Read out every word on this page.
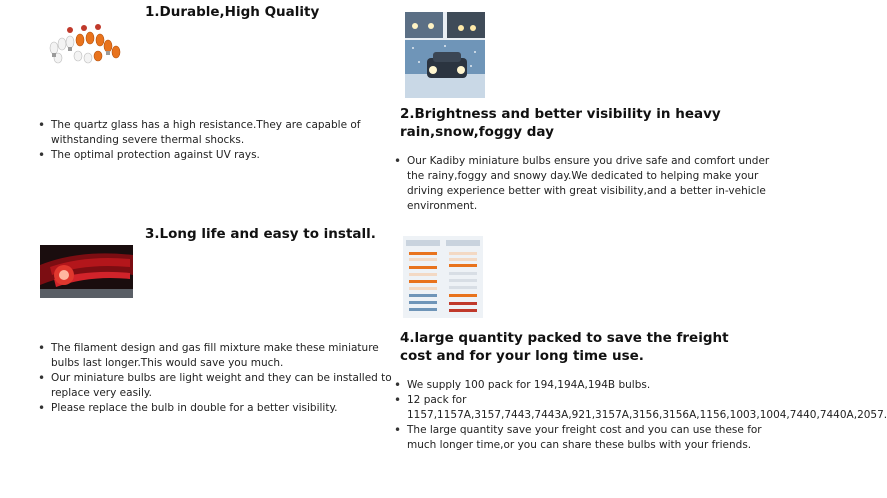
1.Durable,High Quality
• The quartz glass has a high resistance.They are capable of withstanding severe thermal shocks.
• The optimal protection against UV rays.
2.Brightness and better visibility in heavy rain,snow,foggy day
• Our Kadiby miniature bulbs ensure you drive safe and comfort under the rainy,foggy and snowy day.We dedicated to helping make your driving experience better with great visibility,and a better in-vehicle environment.
3.Long life and easy to install.
• The filament design and gas fill mixture make these miniature bulbs last longer.This would save you much.
• Our miniature bulbs are light weight and they can be installed to replace very easily.
• Please replace the bulb in double for a better visibility.
4.large quantity packed to save the freight cost and for your long time use.
• We supply 100 pack for 194,194A,194B bulbs.
• 12 pack for 1157,1157A,3157,7443,7443A,921,3157A,3156,3156A,1156,1003,1004,7440,7440A,2057.
• The large quantity save your freight cost and you can use these for much longer time,or you can share these bulbs with your friends.
